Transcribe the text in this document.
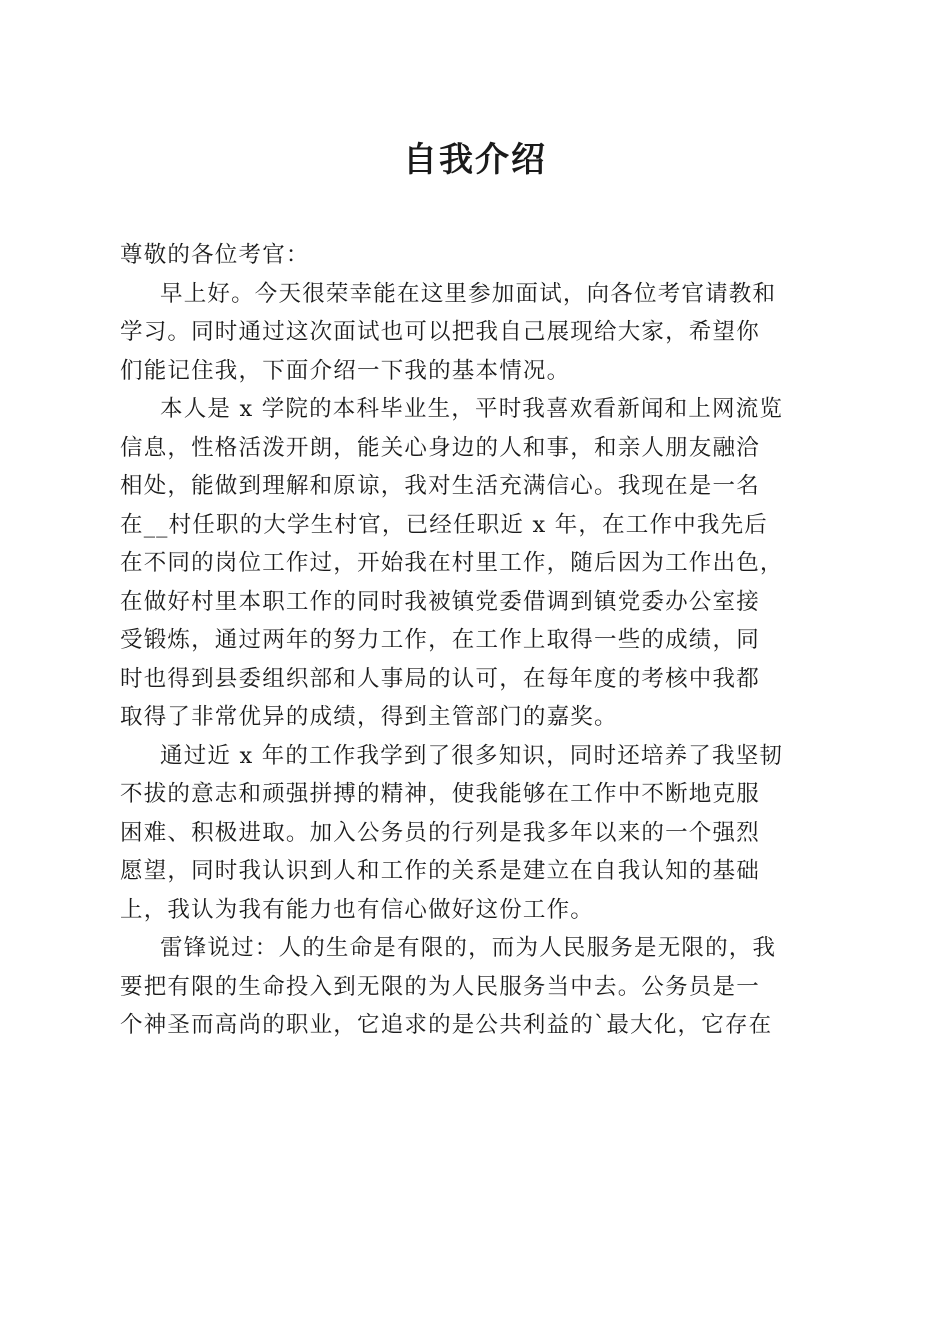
自我介绍
尊敬的各位考官：
早上好。今天很荣幸能在这里参加面试，向各位考官请教和
学习。同时通过这次面试也可以把我自己展现给大家，希望你
们能记住我，下面介绍一下我的基本情况。
本人是 x 学院的本科毕业生，平时我喜欢看新闻和上网流览
信息，性格活泼开朗，能关心身边的人和事，和亲人朋友融洽
相处，能做到理解和原谅，我对生活充满信心。我现在是一名
在__村任职的大学生村官，已经任职近 x 年，在工作中我先后
在不同的岗位工作过，开始我在村里工作，随后因为工作出色，
在做好村里本职工作的同时我被镇党委借调到镇党委办公室接
受锻炼，通过两年的努力工作，在工作上取得一些的成绩，同
时也得到县委组织部和人事局的认可，在每年度的考核中我都
取得了非常优异的成绩，得到主管部门的嘉奖。
通过近 x 年的工作我学到了很多知识，同时还培养了我坚韧
不拔的意志和顽强拼搏的精神，使我能够在工作中不断地克服
困难、积极进取。加入公务员的行列是我多年以来的一个强烈
愿望，同时我认识到人和工作的关系是建立在自我认知的基础
上，我认为我有能力也有信心做好这份工作。
雷锋说过：人的生命是有限的，而为人民服务是无限的，我
要把有限的生命投入到无限的为人民服务当中去。公务员是一
个神圣而高尚的职业，它追求的是公共利益的`最大化，它存在
